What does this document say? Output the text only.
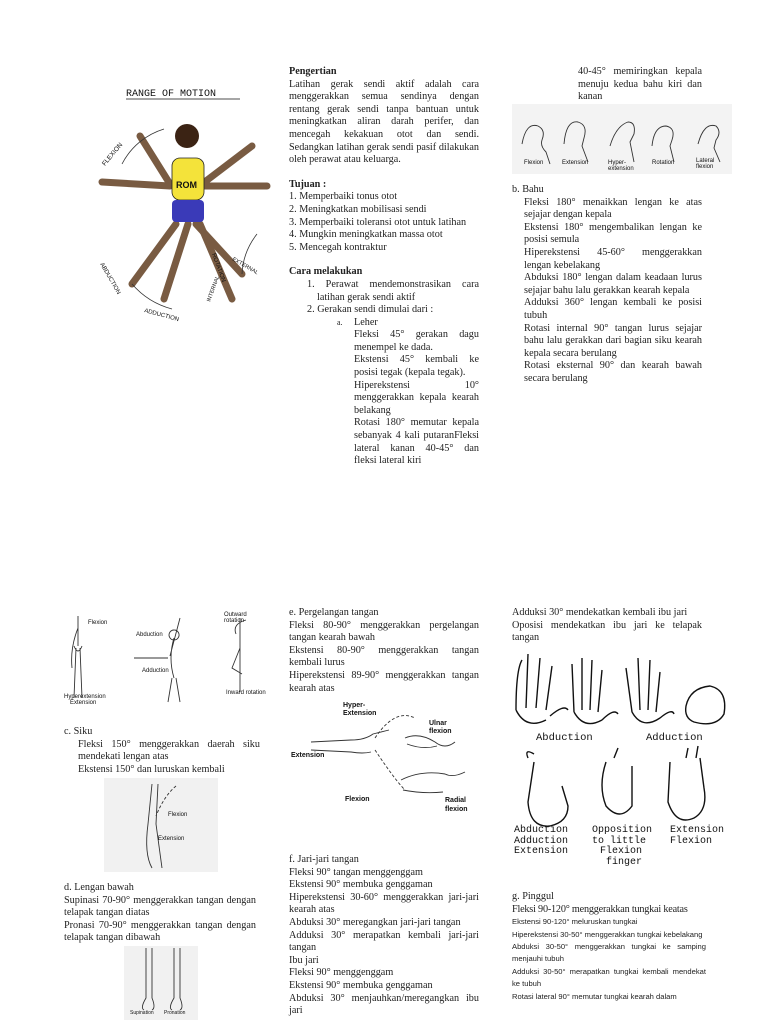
RANGE OF MOTION
ROM
FLEXION
ROTATION
ABDUCTION
ADDUCTION
EXTERNAL
INTERNAL

Pengertian

Latihan gerak sendi aktif adalah cara menggerakkan semua sendinya dengan rentang gerak sendi tanpa bantuan untuk meningkatkan aliran darah perifer, dan mencegah kekakuan otot dan sendi. Sedangkan latihan gerak sendi pasif dilakukan oleh perawat atau keluarga.

Tujuan :

1. Memperbaiki tonus otot

2. Meningkatkan mobilisasi sendi

3. Memperbaiki toleransi otot untuk latihan

4. Mungkin meningkatkan massa otot

5. Mencegah kontraktur

Cara melakukan

1. Perawat mendemonstrasikan cara latihan gerak sendi aktif

2. Gerakan sendi dimulai dari :

a. Leher

Fleksi 45° gerakan dagu menempel ke dada.

Ekstensi 45° kembali ke posisi tegak (kepala tegak).

Hiperekstensi 10° menggerakkan kepala kearah belakang

Rotasi 180° memutar kepala sebanyak 4 kali putaranFleksi lateral kanan 40-45° dan fleksi lateral kiri

40-45° memiringkan kepala menuju kedua bahu kiri dan kanan

Flexion	Extension	Hyper-extension
Rotation	Lateral flexion

b. Bahu

Fleksi 180° menaikkan lengan ke atas sejajar dengan kepala

Ekstensi 180° mengembalikan lengan ke posisi semula

Hiperekstensi 45-60° menggerakkan lengan kebelakang

Abduksi 180° lengan dalam keadaan lurus sejajar bahu lalu gerakkan kearah kepala

Adduksi 360° lengan kembali ke posisi tubuh

Rotasi internal 90° tangan lurus sejajar bahu lalu gerakkan dari bagian siku kearah kepala secara berulang

Rotasi eksternal 90° dan kearah bawah secara berulang

Flexion
Hyperextension
Extension
Abduction
Adduction
Outward rotation
Inward rotation

c. Siku

Fleksi 150° menggerakkan daerah siku mendekati lengan atas

Ekstensi 150° dan luruskan kembali

Flexion
Extension

d. Lengan bawah

Supinasi 70-90° menggerakkan tangan dengan telapak tangan diatas

Pronasi 70-90° menggerakkan tangan dengan telapak tangan dibawah

Supination Pronation

e. Pergelangan tangan

Fleksi 80-90° menggerakkan pergelangan tangan kearah bawah

Ekstensi 80-90° menggerakkan tangan kembali lurus

Hiperekstensi 89-90° menggerakkan tangan kearah atas

Hyper-Extension
Ulnar flexion
Extension
Flexion	Radial flexion

f. Jari-jari tangan

Fleksi 90° tangan menggenggam

Ekstensi 90° membuka genggaman

Hiperekstensi 30-60° menggerakkan jari-jari kearah atas

Abduksi 30° meregangkan jari-jari tangan

Adduksi 30° merapatkan kembali jari-jari tangan

Ibu jari

Fleksi 90° menggenggam

Ekstensi 90° membuka genggaman

Abduksi 30° menjauhkan/meregangkan ibu jari

Adduksi 30° mendekatkan kembali ibu jari

Oposisi mendekatkan ibu jari ke telapak tangan

Abduction	Adduction
Abduction
Adduction
Extension
Opposition
to little
Flexion
finger
Extension
Flexion

g. Pinggul

Fleksi 90-120° menggerakkan tungkai keatas

Ekstensi 90-120° meluruskan tungkai

Hiperekstensi 30-50° menggerakkan tungkai kebelakang

Abduksi 30-50° menggerakkan tungkai ke samping menjauhi tubuh

Adduksi 30-50° merapatkan tungkai kembali mendekat ke tubuh

Rotasi lateral 90° memutar tungkai kearah dalam
